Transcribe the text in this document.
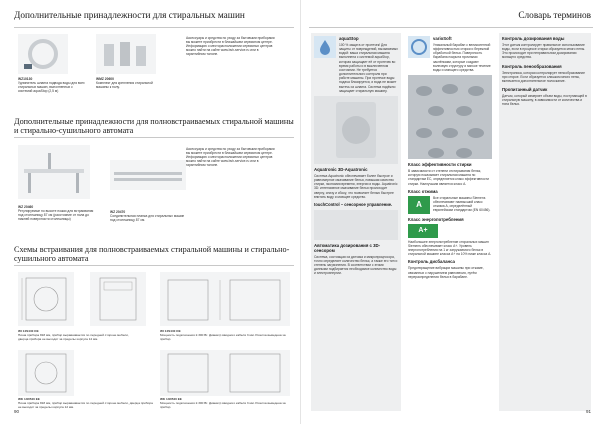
Дополнительные принадлежности для стиральных машин
WZ10130
Удлинитель шланга подвода воды для всех стиральных машин, выполненных с системой aquaStop (2,5 м)
WMZ 20600
Комплект для крепления стиральной машины к полу.
Аксессуары и средства по уходу за бытовыми приборами вы можете приобрести в ближайшем сервисном центре. Информацию о месторасположении сервисных центров можно найти на сайте www.bsh-service.ru или в гарантийном талоне.
Дополнительные принадлежности для полновстраиваемых стиральной машины и стирально-сушильного автомата
Аксессуары и средства по уходу за бытовыми приборами вы можете приобрести в ближайшем сервисном центре. Информацию о месторасположении сервисных центров можно найти на сайте www.bsh-service.ru или в гарантийном талоне.
WZ 20460
Регулируемые по высоте ножки для встраивания под столешницу 87 см (расстояние от пола до нижней поверхности столешницы)
WZ 20470
Соединительная планка для стиральных машин под столешницу 87 см.
Схемы встраивания для полновстраиваемых стиральной машины и стирально-сушильного автомата
WI 14S440 OE
Ниша прибора 818 мм, прибор выравнивается по передней стороне мебели, дверца прибора не выходит за пределы корпуса 12 мм.
WI 14S440 OE
Мощность подключения 2.300 Вт. Диаметр вводного кабеля 3 мм. Розетка выведена за прибор.
WK 14D540 EE
Ниша прибора 818 мм, прибор выравнивается по передней стороне мебели, дверца прибора не выходит за пределы корпуса 12 мм.
WK 14D540 EE
Мощность подключения 2.300 Вт. Диаметр вводного кабеля 3 мм. Розетка выведена за прибор.
90
Словарь терминов
aquaStop
100 % защита от протечек! Для защиты от повреждений, вызываемых водой: ваша стиральная машина выполнена с системой aquaStop, которая защищает её от протечек во время работы и в выключенном состоянии. Не требуется дополнительного контроля при работе машины. При протечке воды подача блокируется, и вода не может вытечь из шланга. Система надёжно защищает стиральную машину.
Aquatronic 3D-Aquatronic
Система Aquatronic обеспечивает более быстрое и равномерное смачивание белья, повышая качество стирки, экономия времени, энергии и воды. Aquatronic 3D: интенсивное смачивание белья происходит сверху, снизу и сбоку, что позволяет белью быстрее впитать воду и моющее средство.
touchControl – сенсорное управление.
Автоматика дозирования с 3D-сенсором
Система, состоящая из датчика и микропроцессора, точно определяет количество белья, а также его тип и степень загрязнения. В соответствии с этими данными подбирается необходимое количество воды и электроэнергии.
varioSoft
Уникальный барабан с великолепной эффективностью стирки и бережной обработкой белья. Поверхность барабана покрыта прочными заклёпками, которые создают волновую структуру и мягкое течение воды и моющего средства.
Класс эффективности стирки
В зависимости от степени отстирывания белья, которую показывает стиральная машина по стандартам ЕС, определяется класс эффективности стирки. Наилучшим является класс А.
Класс отжима
A
Все стиральные машины Siemens обеспечивают наивысший класс отжима А, определённый европейским стандартом (EN 60456).
Класс энергопотребления
A+
Наибольшее энергопотребление стиральных машин Siemens обеспечивает класс А+. Уровень энергопотребления на 1 кг загружаемого белья в стиральной машине класса А+ на 10% ниже класса А.
Контроль дисбаланса
Предотвращение вибрации машины при отжиме, связанных с нарушением равновесия, путём перераспределения белья в барабане.
Контроль дозирования воды
Этот датчик контролирует правильное использование воды, если в процессе стирки образуется много пены. Это происходит при неправильном дозировании моющего средства.
Контроль пенообразования
Электроника, которая контролирует пенообразование при стирке. Если образуется слишком много пены, включается дополнительное полоскание.
Пропитанный датчик
Датчик, который измеряет объем воды, поступающей в стиральную машину, в зависимости от количества и типа белья.
91
